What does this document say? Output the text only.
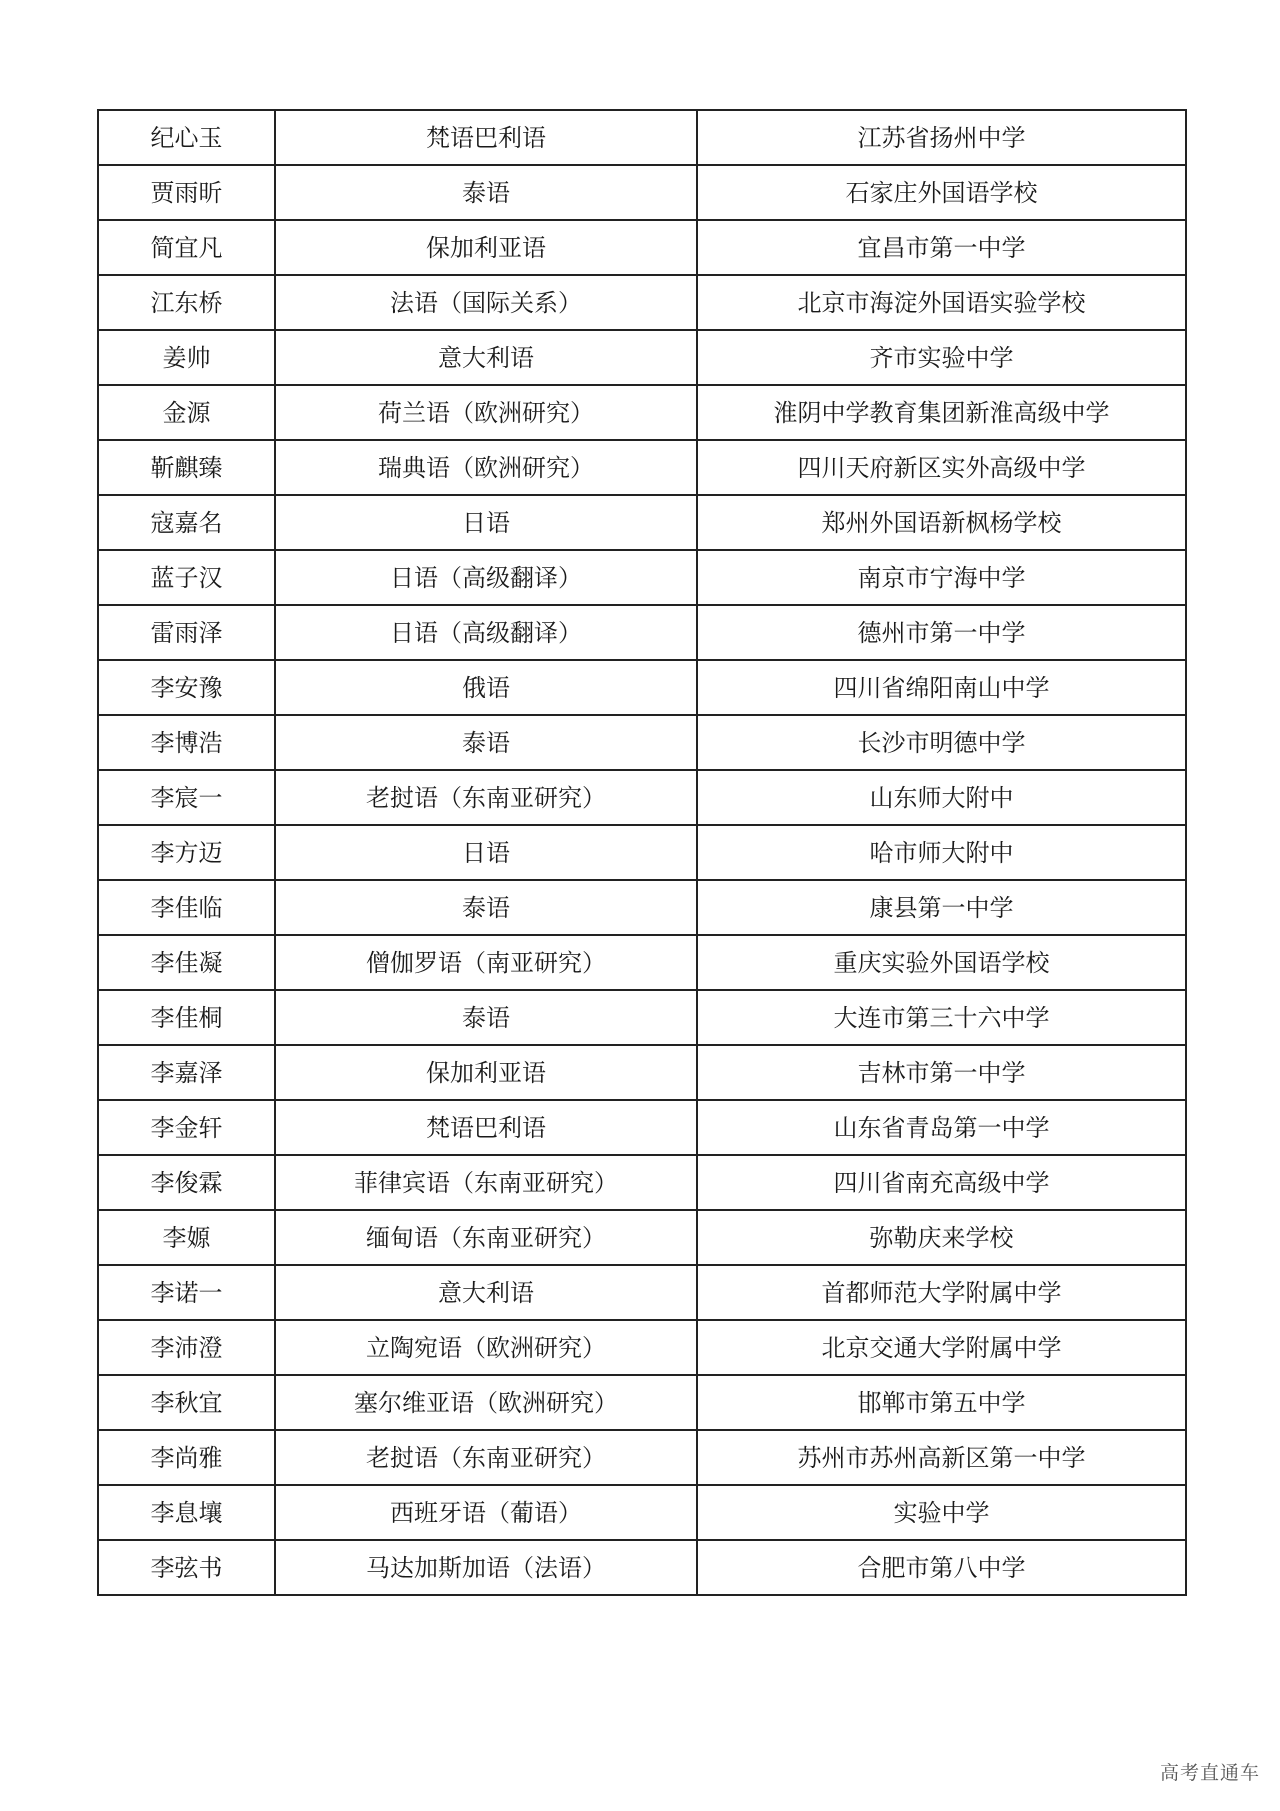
纪心玉	梵语巴利语	江苏省扬州中学
贾雨昕	泰语	石家庄外国语学校
简宜凡	保加利亚语	宜昌市第一中学
江东桥	法语（国际关系）	北京市海淀外国语实验学校
姜帅	意大利语	齐市实验中学
金源	荷兰语（欧洲研究）	淮阴中学教育集团新淮高级中学
靳麒臻	瑞典语（欧洲研究）	四川天府新区实外高级中学
寇嘉名	日语	郑州外国语新枫杨学校
蓝子汉	日语（高级翻译）	南京市宁海中学
雷雨泽	日语（高级翻译）	德州市第一中学
李安豫	俄语	四川省绵阳南山中学
李博浩	泰语	长沙市明德中学
李宸一	老挝语（东南亚研究）	山东师大附中
李方迈	日语	哈市师大附中
李佳临	泰语	康县第一中学
李佳凝	僧伽罗语（南亚研究）	重庆实验外国语学校
李佳桐	泰语	大连市第三十六中学
李嘉泽	保加利亚语	吉林市第一中学
李金轩	梵语巴利语	山东省青岛第一中学
李俊霖	菲律宾语（东南亚研究）	四川省南充高级中学
李嫄	缅甸语（东南亚研究）	弥勒庆来学校
李诺一	意大利语	首都师范大学附属中学
李沛澄	立陶宛语（欧洲研究）	北京交通大学附属中学
李秋宜	塞尔维亚语（欧洲研究）	邯郸市第五中学
李尚雅	老挝语（东南亚研究）	苏州市苏州高新区第一中学
李息壤	西班牙语（葡语）	实验中学
李弦书	马达加斯加语（法语）	合肥市第八中学
高考直通车
